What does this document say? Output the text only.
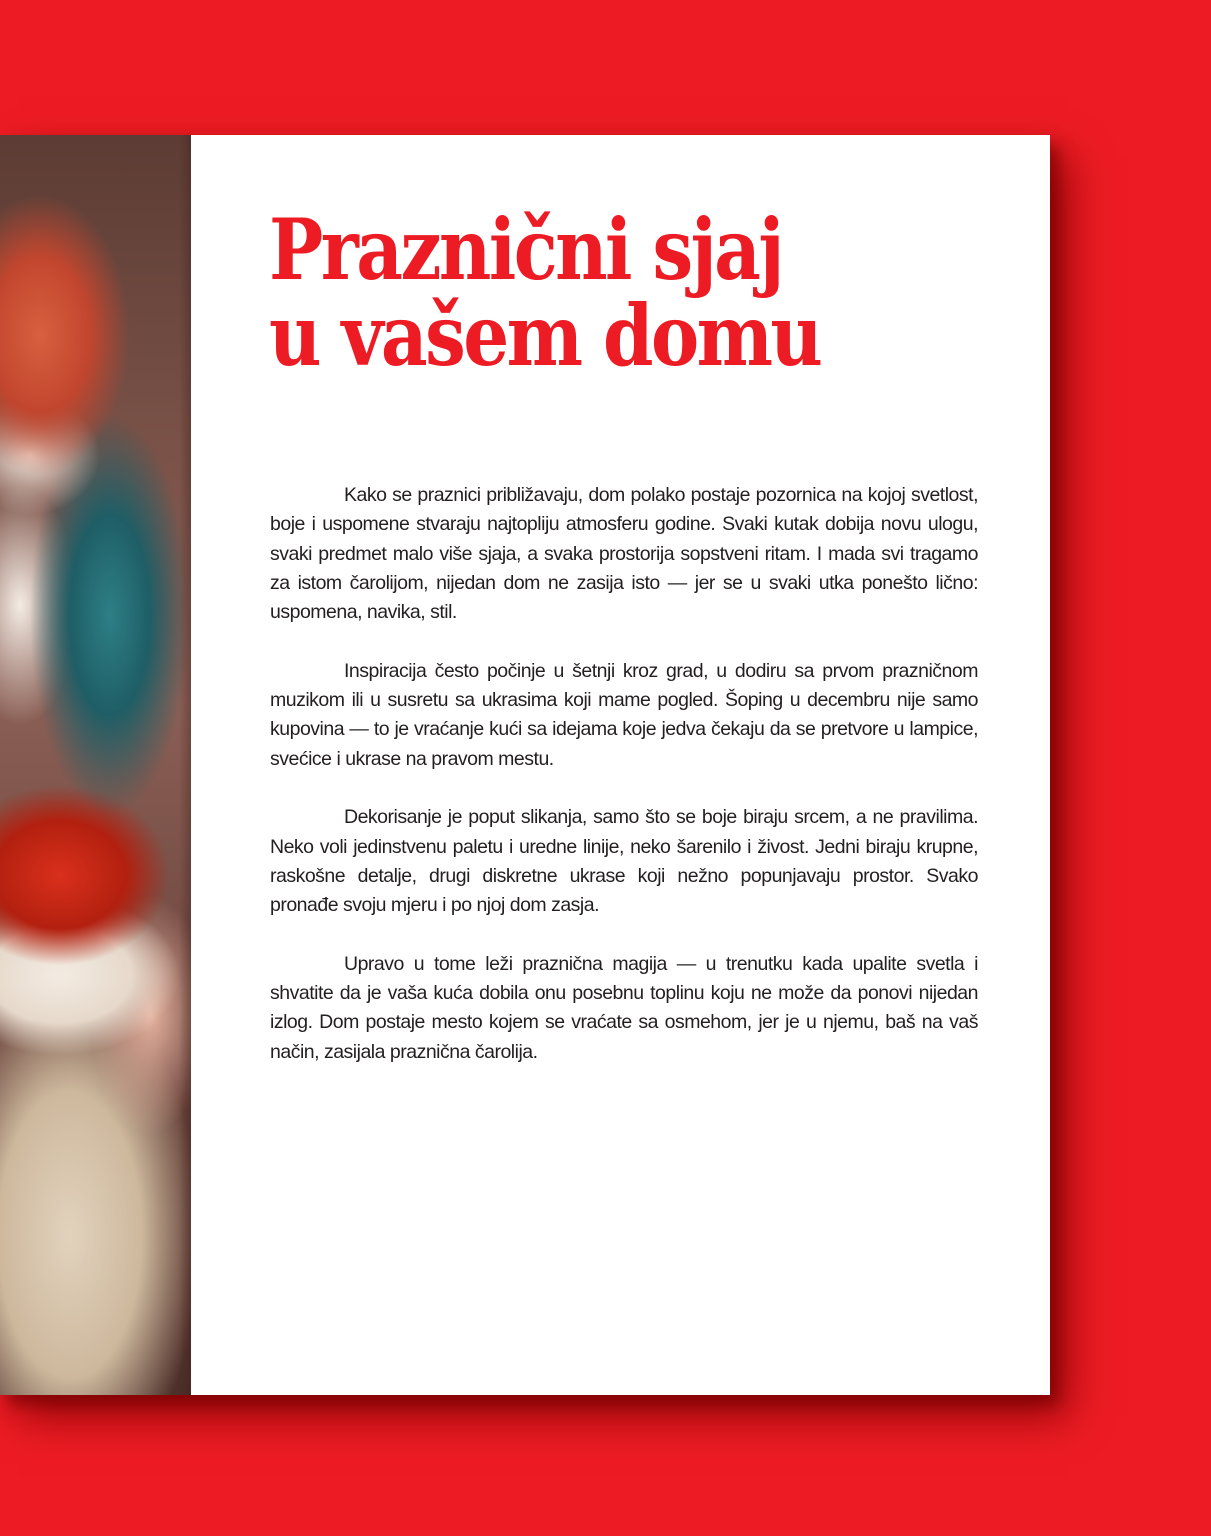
Praznični sjaj
u vašem domu

Kako se praznici približavaju, dom polako postaje pozornica na kojoj svetlost, boje i uspomene stvaraju najtopliju atmosferu godine. Svaki kutak dobija novu ulogu, svaki predmet malo više sjaja, a svaka prostorija sopstveni ritam. I mada svi tragamo za istom čarolijom, nijedan dom ne zasija isto — jer se u svaki utka ponešto lično: uspomena, navika, stil.

Inspiracija često počinje u šetnji kroz grad, u dodiru sa prvom prazničnom muzikom ili u susretu sa ukrasima koji mame pogled. Šoping u decembru nije samo kupovina — to je vraćanje kući sa idejama koje jedva čekaju da se pretvore u lampice, svećice i ukrase na pravom mestu.

Dekorisanje je poput slikanja, samo što se boje biraju srcem, a ne pravilima. Neko voli jedinstvenu paletu i uredne linije, neko šarenilo i živost. Jedni biraju krupne, raskošne detalje, drugi diskretne ukrase koji nežno popunjavaju prostor. Svako pronađe svoju mjeru i po njoj dom zasja.

Upravo u tome leži praznična magija — u trenutku kada upalite svetla i shvatite da je vaša kuća dobila onu posebnu toplinu koju ne može da ponovi nijedan izlog. Dom postaje mesto kojem se vraćate sa osmehom, jer je u njemu, baš na vaš način, zasijala praznična čarolija.
